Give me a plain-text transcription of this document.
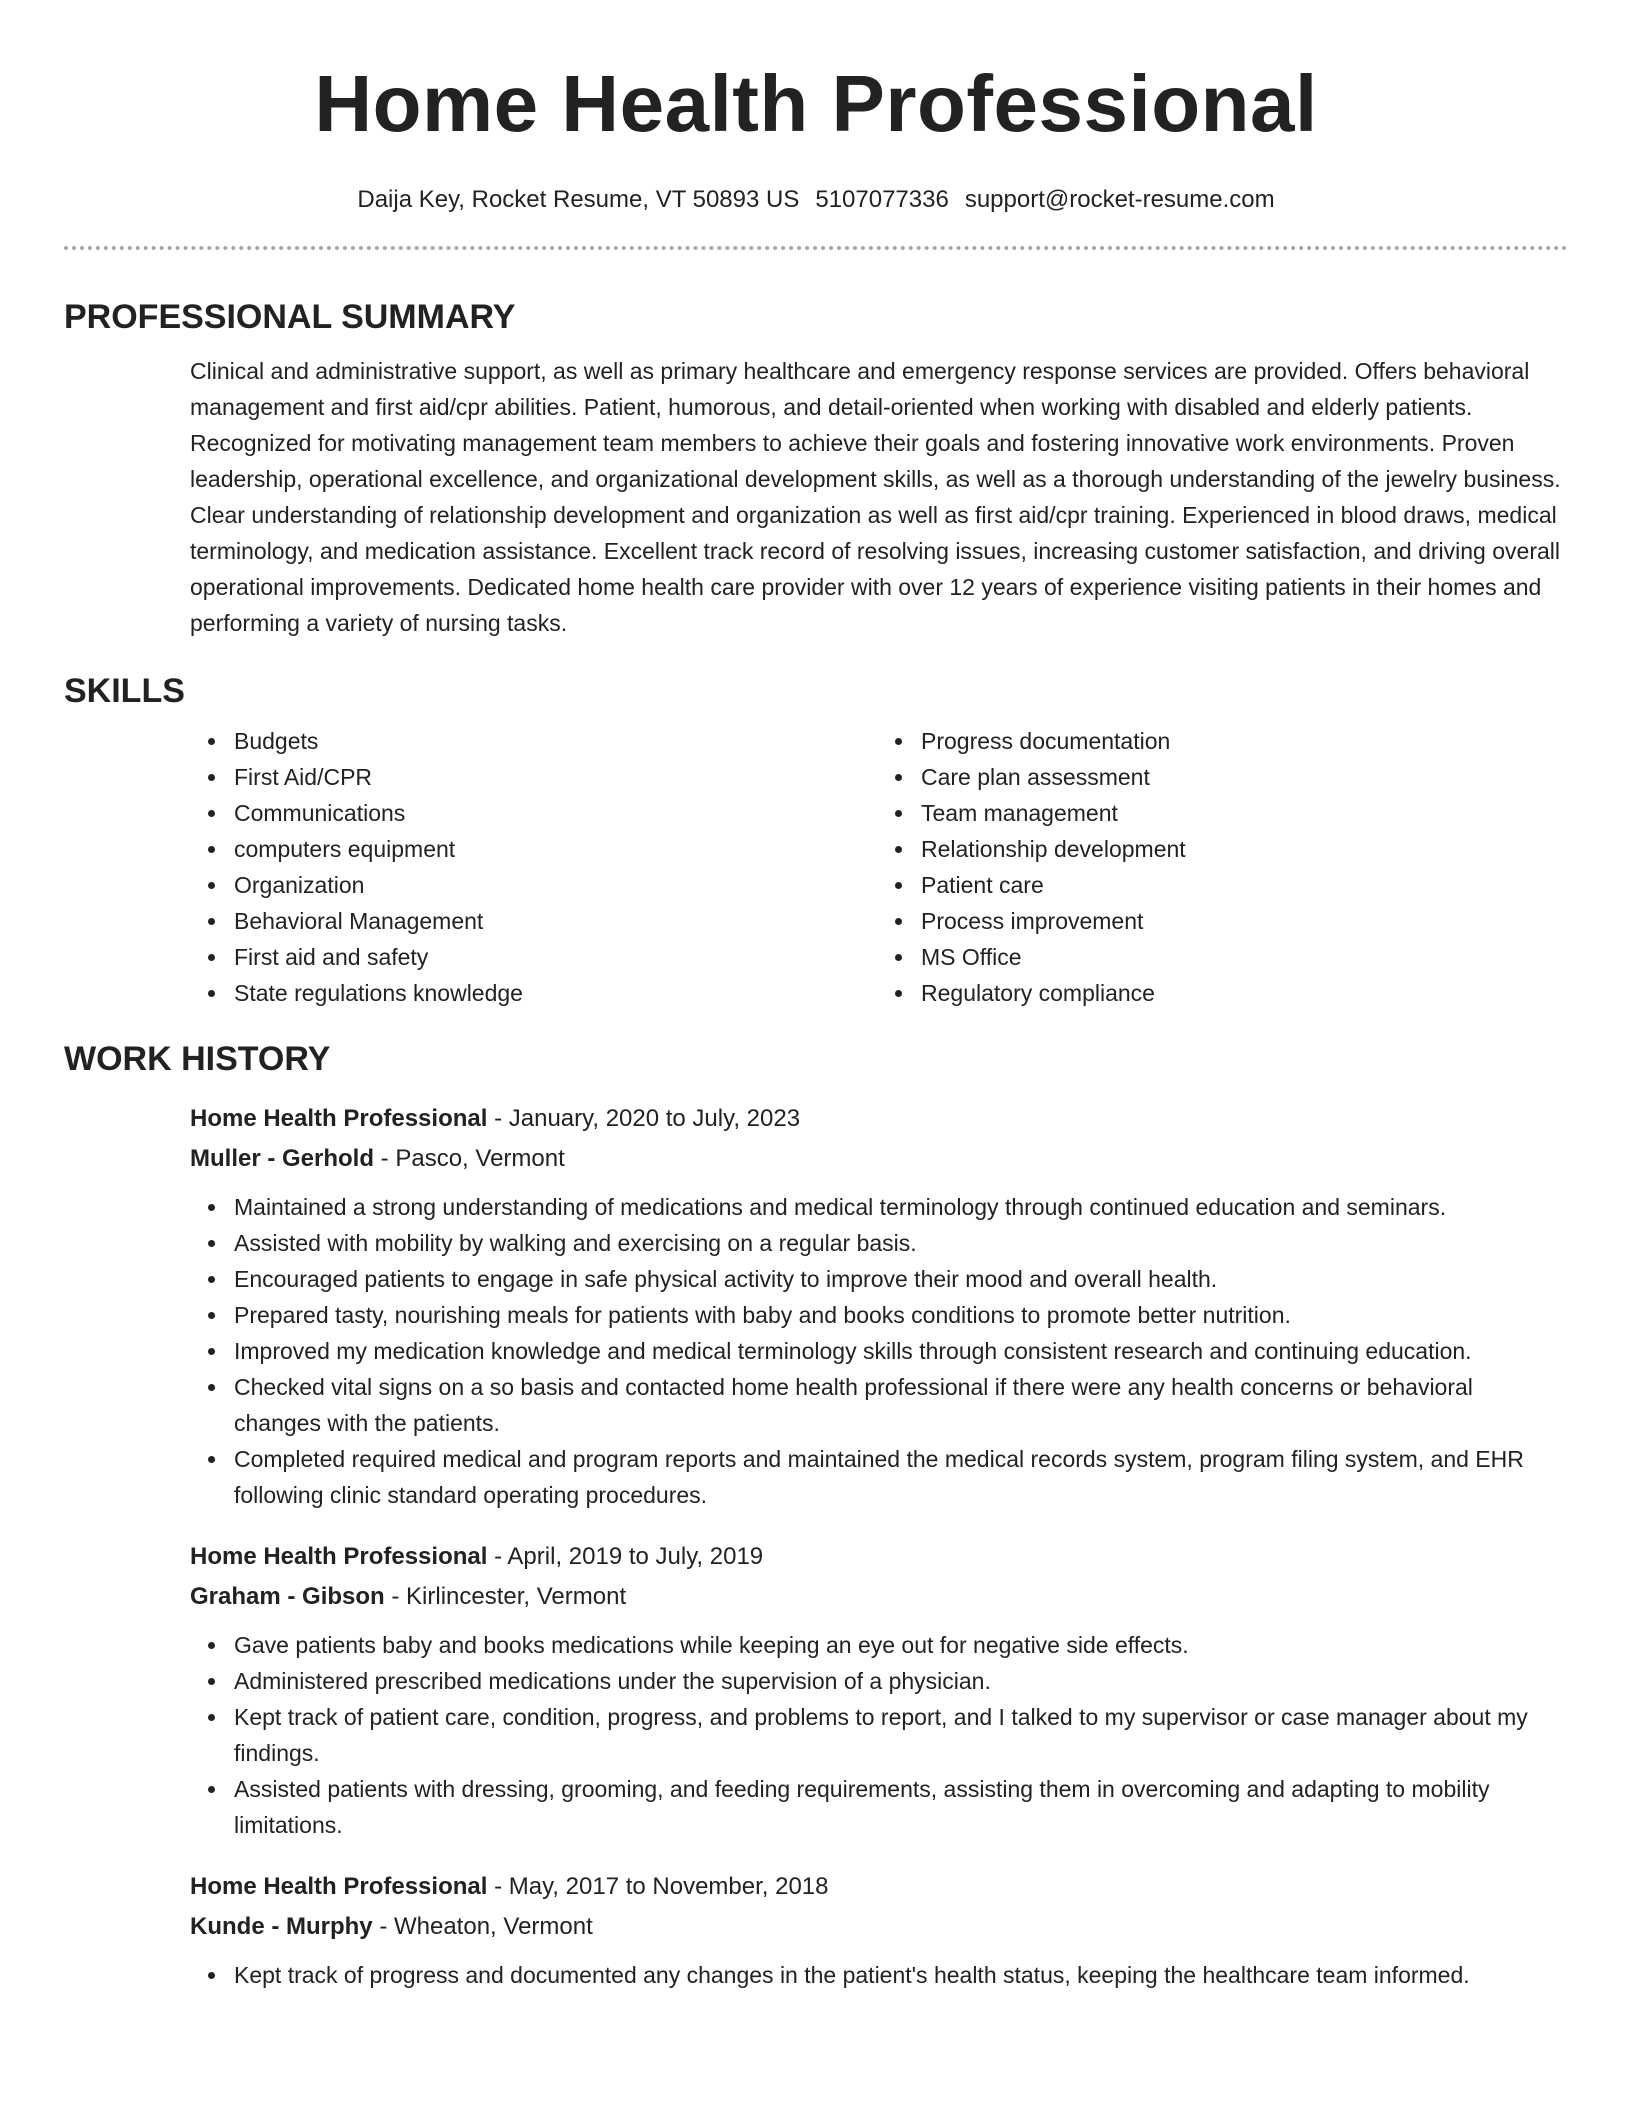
Home Health Professional
Daija Key, Rocket Resume, VT 50893 US 5107077336 support@rocket-resume.com
PROFESSIONAL SUMMARY
Clinical and administrative support, as well as primary healthcare and emergency response services are provided. Offers behavioral management and first aid/cpr abilities. Patient, humorous, and detail-oriented when working with disabled and elderly patients. Recognized for motivating management team members to achieve their goals and fostering innovative work environments. Proven leadership, operational excellence, and organizational development skills, as well as a thorough understanding of the jewelry business. Clear understanding of relationship development and organization as well as first aid/cpr training. Experienced in blood draws, medical terminology, and medication assistance. Excellent track record of resolving issues, increasing customer satisfaction, and driving overall operational improvements. Dedicated home health care provider with over 12 years of experience visiting patients in their homes and performing a variety of nursing tasks.
SKILLS
Budgets
First Aid/CPR
Communications
computers equipment
Organization
Behavioral Management
First aid and safety
State regulations knowledge
Progress documentation
Care plan assessment
Team management
Relationship development
Patient care
Process improvement
MS Office
Regulatory compliance
WORK HISTORY
Home Health Professional - January, 2020 to July, 2023
Muller - Gerhold - Pasco, Vermont
Maintained a strong understanding of medications and medical terminology through continued education and seminars.
Assisted with mobility by walking and exercising on a regular basis.
Encouraged patients to engage in safe physical activity to improve their mood and overall health.
Prepared tasty, nourishing meals for patients with baby and books conditions to promote better nutrition.
Improved my medication knowledge and medical terminology skills through consistent research and continuing education.
Checked vital signs on a so basis and contacted home health professional if there were any health concerns or behavioral changes with the patients.
Completed required medical and program reports and maintained the medical records system, program filing system, and EHR following clinic standard operating procedures.
Home Health Professional - April, 2019 to July, 2019
Graham - Gibson - Kirlincester, Vermont
Gave patients baby and books medications while keeping an eye out for negative side effects.
Administered prescribed medications under the supervision of a physician.
Kept track of patient care, condition, progress, and problems to report, and I talked to my supervisor or case manager about my findings.
Assisted patients with dressing, grooming, and feeding requirements, assisting them in overcoming and adapting to mobility limitations.
Home Health Professional - May, 2017 to November, 2018
Kunde - Murphy - Wheaton, Vermont
Kept track of progress and documented any changes in the patient's health status, keeping the healthcare team informed.
